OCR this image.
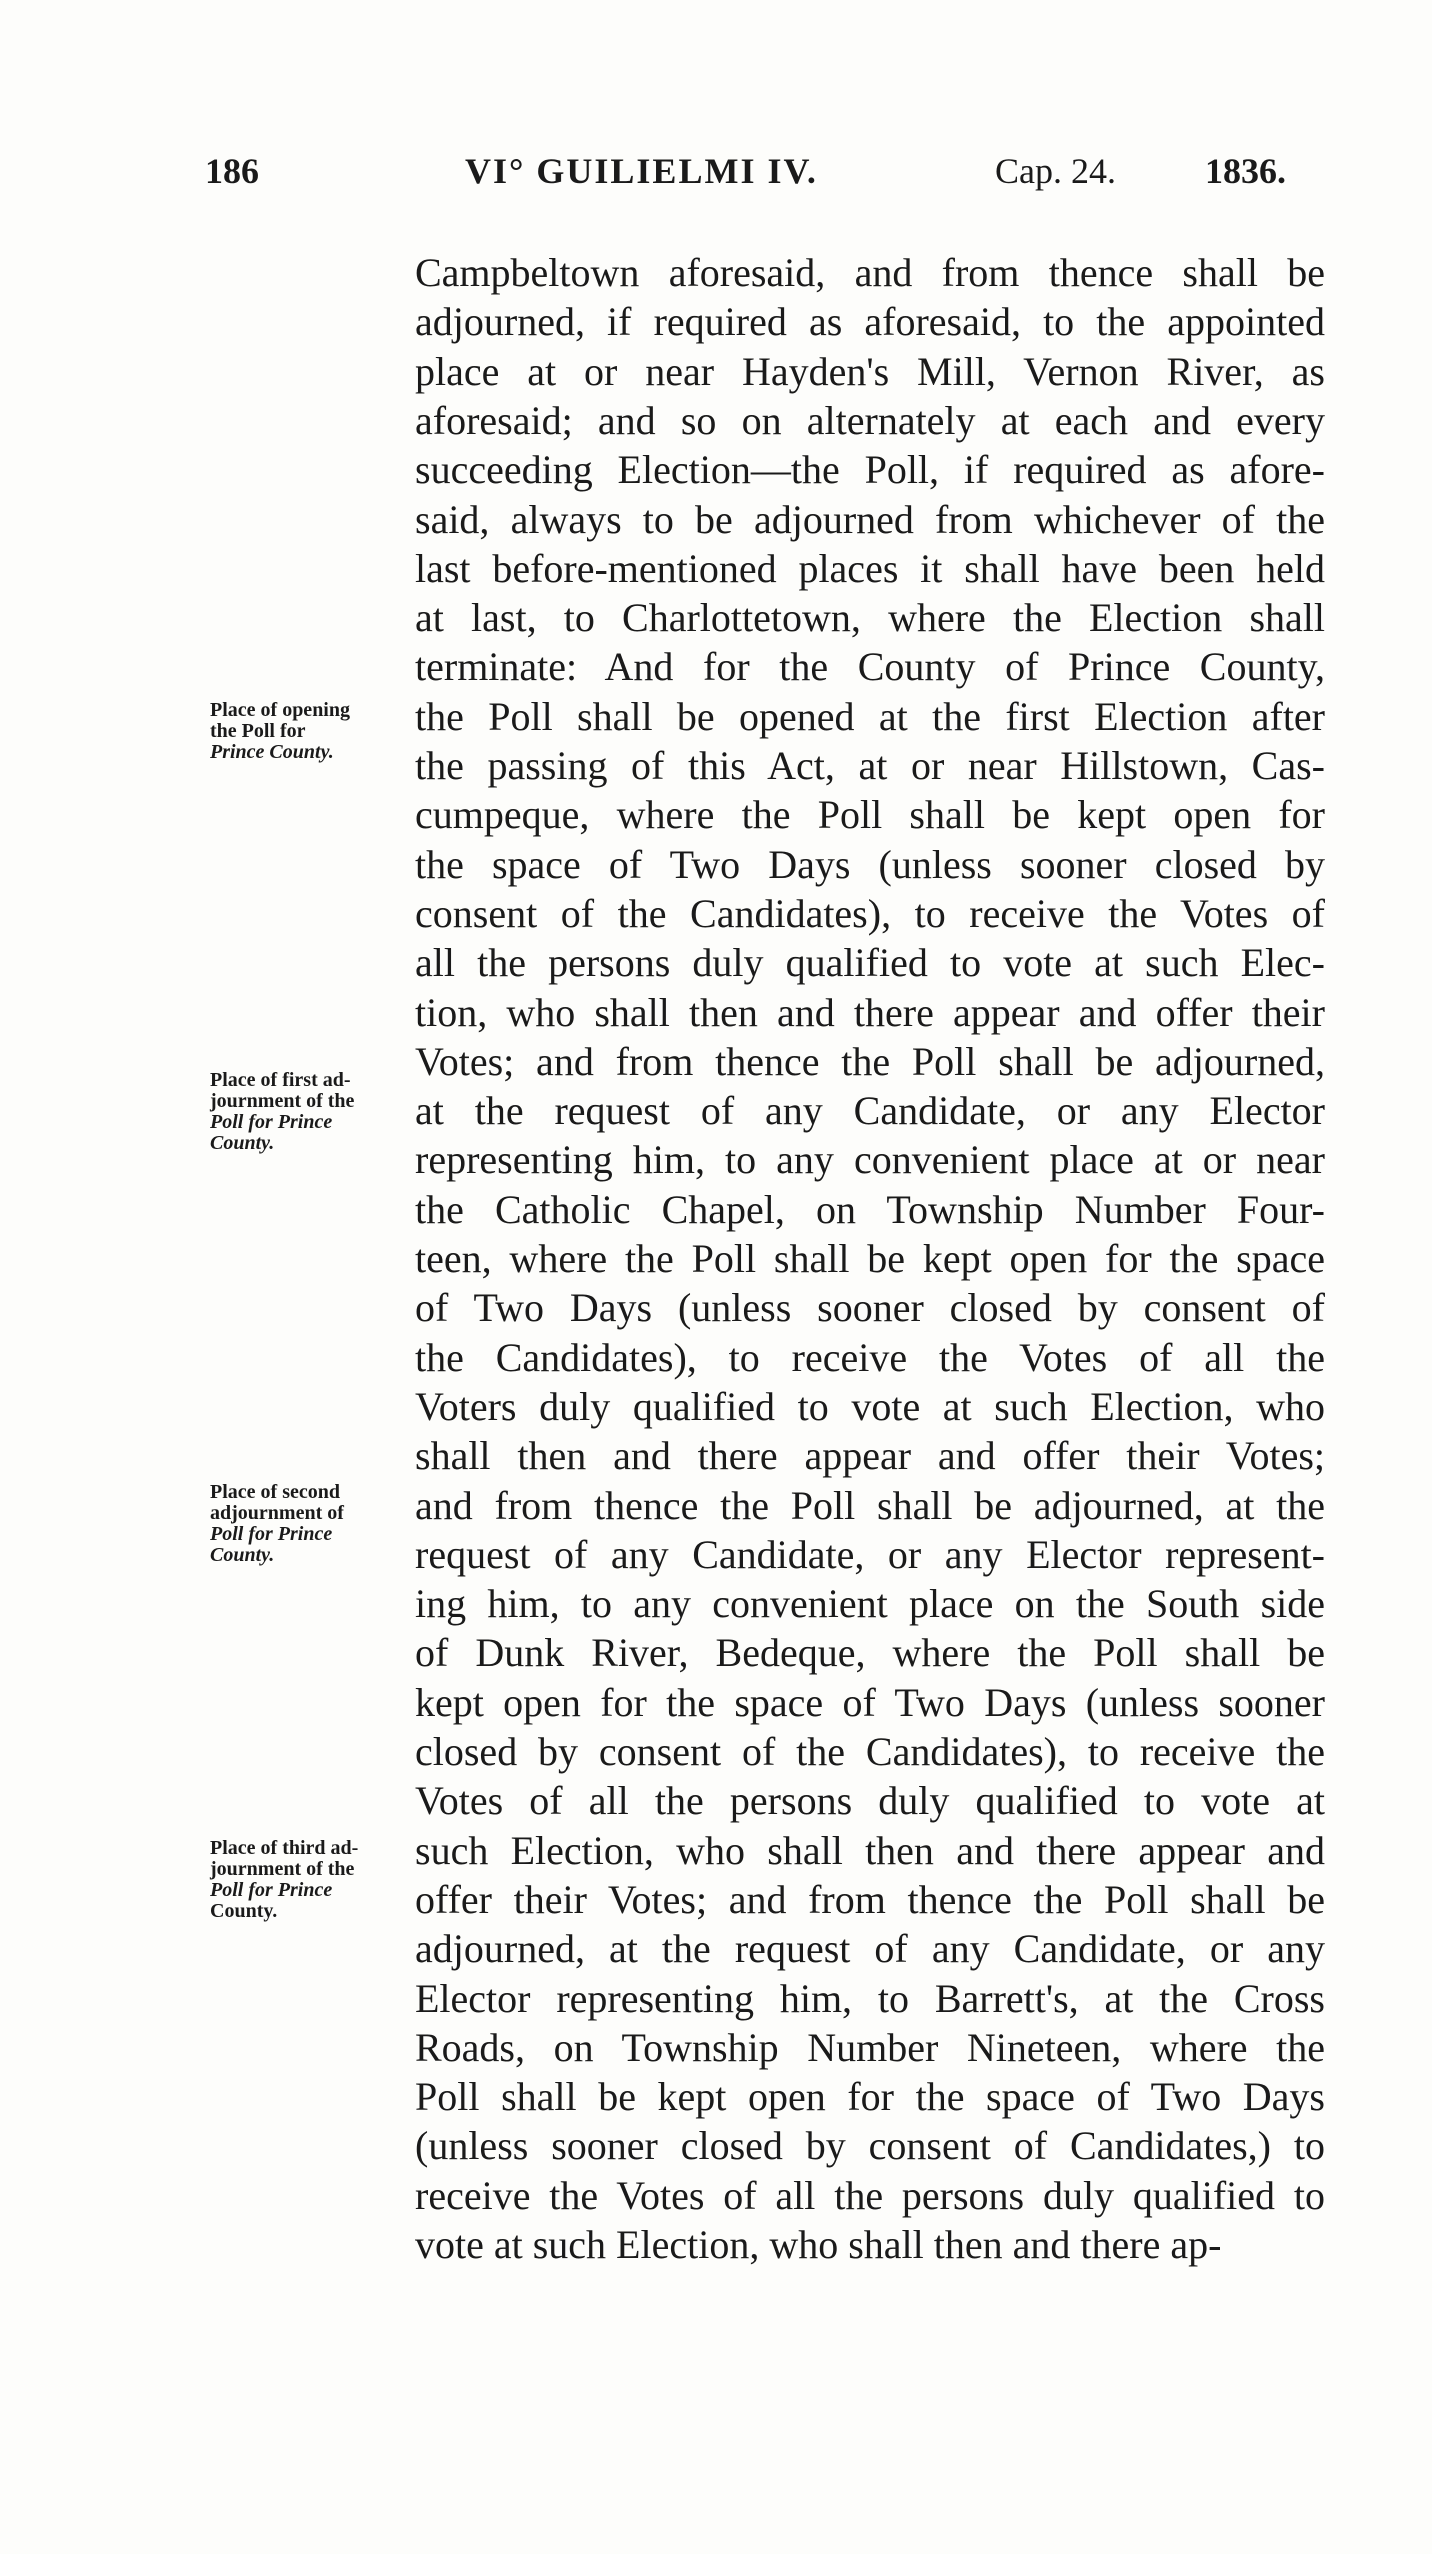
186	VI° GUILIELMI IV.	Cap. 24. 1836.
Campbeltown aforesaid, and from thence shall be
adjourned, if required as aforesaid, to the appointed
place at or near Hayden's Mill, Vernon River, as
aforesaid; and so on alternately at each and every
succeeding Election—the Poll, if required as afore-
said, always to be adjourned from whichever of the
last before-mentioned places it shall have been held
at last, to Charlottetown, where the Election shall
terminate: And for the County of Prince County,
the Poll shall be opened at the first Election after
the passing of this Act, at or near Hillstown, Cas-
cumpeque, where the Poll shall be kept open for
the space of Two Days (unless sooner closed by
consent of the Candidates), to receive the Votes of
all the persons duly qualified to vote at such Elec-
tion, who shall then and there appear and offer their
Votes; and from thence the Poll shall be adjourned,
at the request of any Candidate, or any Elector
representing him, to any convenient place at or near
the Catholic Chapel, on Township Number Four-
teen, where the Poll shall be kept open for the space
of Two Days (unless sooner closed by consent of
the Candidates), to receive the Votes of all the
Voters duly qualified to vote at such Election, who
shall then and there appear and offer their Votes;
and from thence the Poll shall be adjourned, at the
request of any Candidate, or any Elector represent-
ing him, to any convenient place on the South side
of Dunk River, Bedeque, where the Poll shall be
kept open for the space of Two Days (unless sooner
closed by consent of the Candidates), to receive the
Votes of all the persons duly qualified to vote at
such Election, who shall then and there appear and
offer their Votes; and from thence the Poll shall be
adjourned, at the request of any Candidate, or any
Elector representing him, to Barrett's, at the Cross
Roads, on Township Number Nineteen, where the
Poll shall be kept open for the space of Two Days
(unless sooner closed by consent of Candidates,) to
receive the Votes of all the persons duly qualified to
vote at such Election, who shall then and there ap-
Place of opening
the Poll for
Prince County.
Place of first ad-
journment of the
Poll for Prince
County.
Place of second
adjournment of
Poll for Prince
County.
Place of third ad-
journment of the
Poll for Prince
County.
